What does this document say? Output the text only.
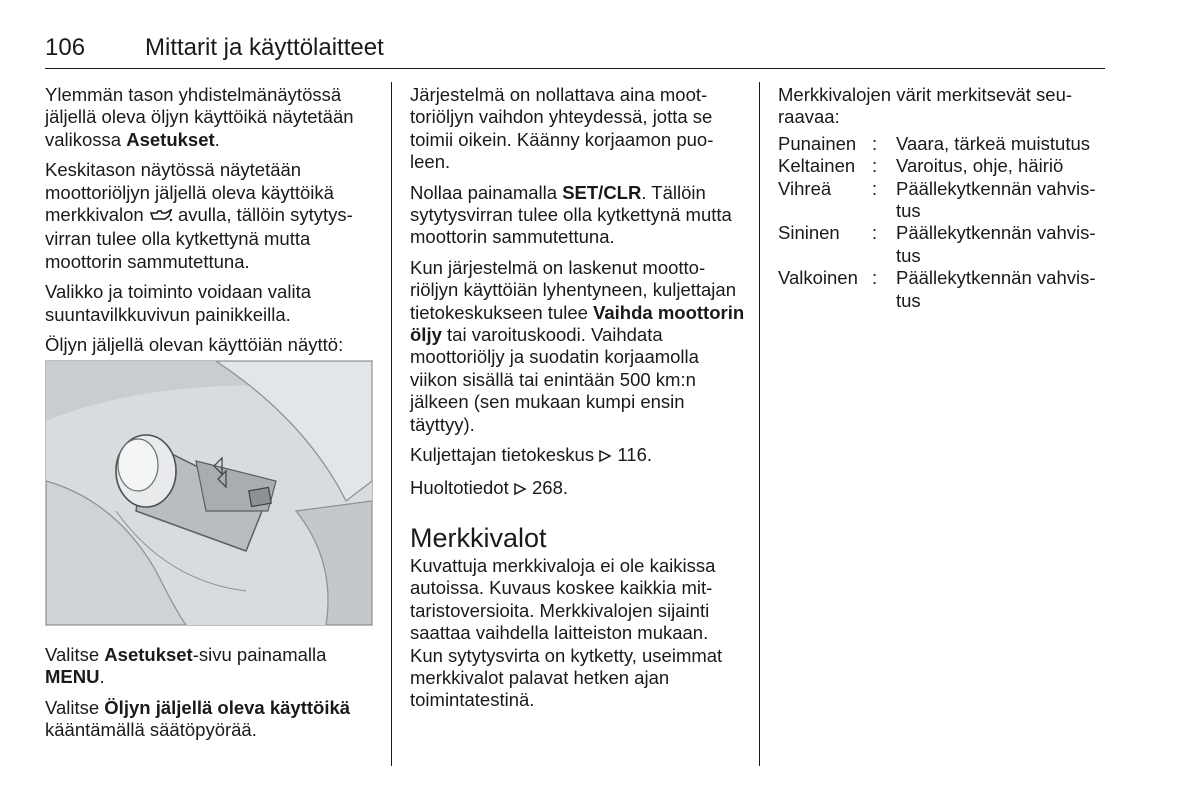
106 Mittarit ja käyttölaitteet

Ylemmän tason yhdistelmänäytössä jäljellä oleva öljyn käyttöikä näytetään valikossa Asetukset.

Keskitason näytössä näytetään moottoriöljyn jäljellä oleva käyttöikä merkkivalon  avulla, tällöin sytytysvirran tulee olla kytkettynä mutta moottorin sammutettuna.

Valikko ja toiminto voidaan valita suuntavilkkuvivun painikkeilla.

Öljyn jäljellä olevan käyttöiän näyttö:

Valitse Asetukset-sivu painamalla MENU.

Valitse Öljyn jäljellä oleva käyttöikä kääntämällä säätöpyörää.

Järjestelmä on nollattava aina moottoriöljyn vaihdon yhteydessä, jotta se toimii oikein. Käänny korjaamon puoleen.

Nollaa painamalla SET/CLR. Tällöin sytytysvirran tulee olla kytkettynä mutta moottorin sammutettuna.

Kun järjestelmä on laskenut moottoriöljyn käyttöiän lyhentyneen, kuljettajan tietokeskukseen tulee Vaihda moottorin öljy tai varoituskoodi. Vaihdata moottoriöljy ja suodatin korjaamolla viikon sisällä tai enintään 500 km:n jälkeen (sen mukaan kumpi ensin täyttyy).

Kuljettajan tietokeskus  116.

Huoltotiedot  268.

Merkkivalot

Kuvattuja merkkivaloja ei ole kaikissa autoissa. Kuvaus koskee kaikkia mittaristoversioita. Merkkivalojen sijainti saattaa vaihdella laitteiston mukaan. Kun sytytysvirta on kytketty, useimmat merkkivalot palavat hetken ajan toimintatestinä.

Merkkivalojen värit merkitsevät seuraavaa:

Punainen	:	Vaara, tärkeä muistutus
Keltainen	:	Varoitus, ohje, häiriö
Vihreä	:	Päällekytkennän vahvistus
Sininen	:	Päällekytkennän vahvistus
Valkoinen	:	Päällekytkennän vahvistus
